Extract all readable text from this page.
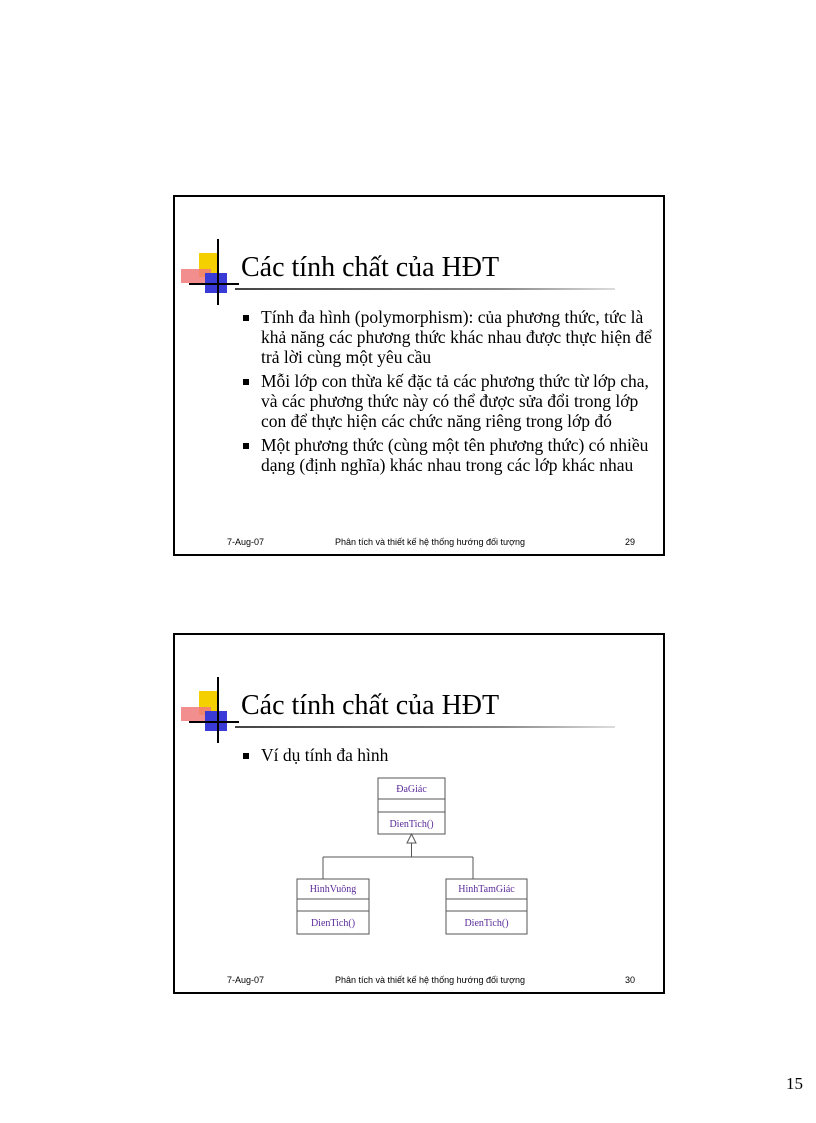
Các tính chất của HĐT
Tính đa hình (polymorphism): của phương thức, tức là khả năng các phương thức khác nhau được thực hiện để trả lời cùng một yêu cầu
Mỗi lớp con thừa kế đặc tả các phương thức từ lớp cha, và các phương thức này có thể được sửa đổi trong lớp con để thực hiện các chức năng riêng trong lớp đó
Một phương thức (cùng một tên phương thức) có nhiều dạng (định nghĩa) khác nhau trong các lớp khác nhau
7-Aug-07	Phân tích và thiết kế hệ thống hướng đối tượng	29
Các tính chất của HĐT
Ví dụ tính đa hình
ĐaGiác
DienTich()
HìnhVuông
DienTich()
HinhTamGiác
DienTich()
7-Aug-07	Phân tích và thiết kế hệ thống hướng đối tượng	30
15
